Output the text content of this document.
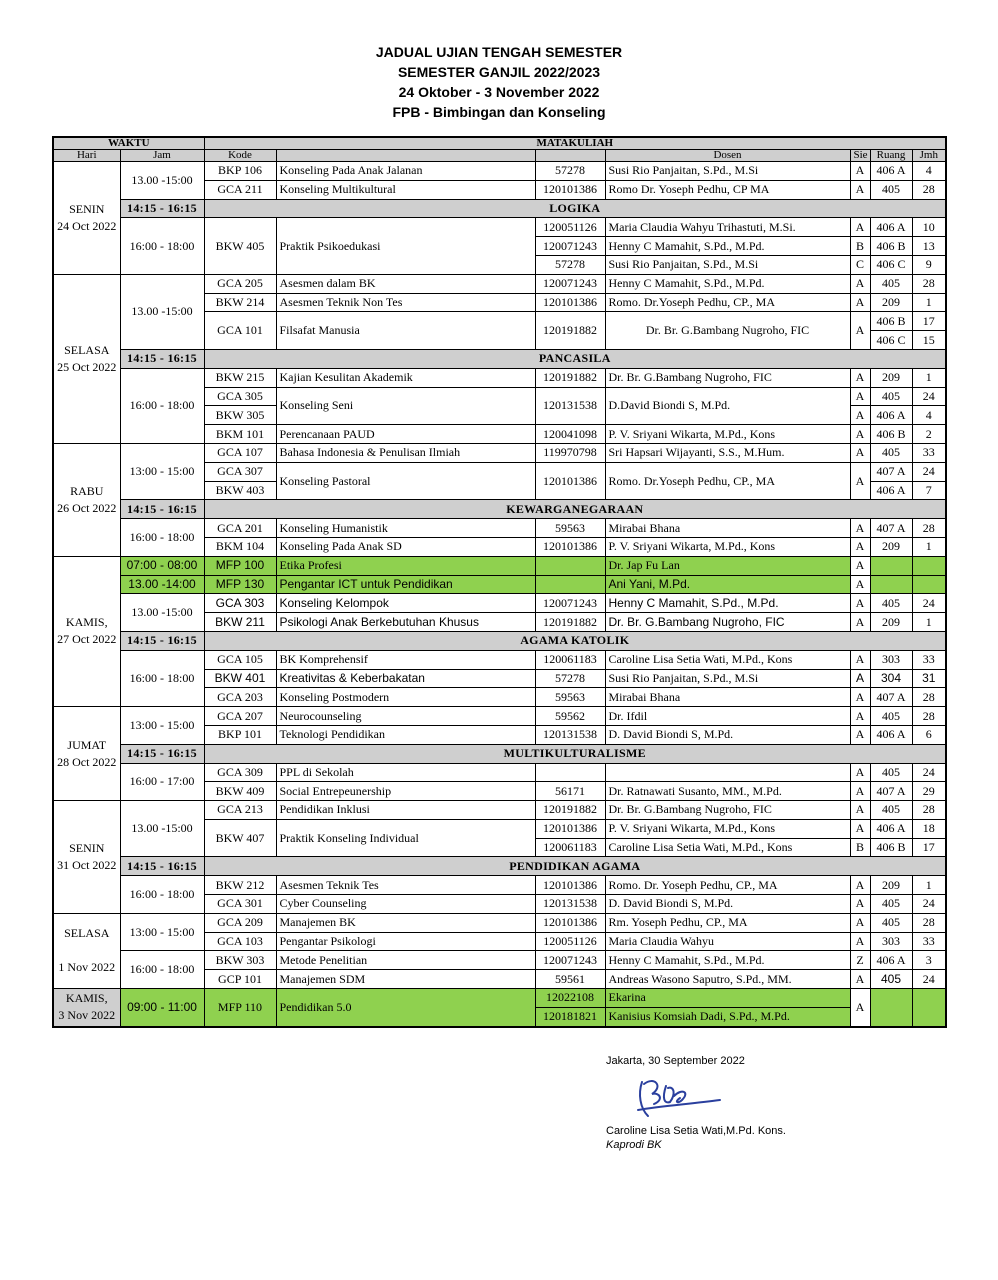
JADUAL UJIAN TENGAH SEMESTER
SEMESTER GANJIL 2022/2023
24 Oktober - 3 November 2022
FPB - Bimbingan dan Konseling
WAKTU		MATAKULIAH						
Hari	Jam	Kode			Dosen	Sie	Ruang	Jmh
SENIN
24 Oct 2022	13.00 -15:00	BKP 106	Konseling Pada Anak Jalanan	57278	Susi Rio Panjaitan, S.Pd., M.Si	A	406 A	4
		GCA 211	Konseling Multikultural	120101386	Romo Dr. Yoseph Pedhu, CP MA	A	405	28
	14:15 - 16:15	LOGIKA						
	16:00 - 18:00	BKW 405	Praktik Psikoedukasi	120051126	Maria Claudia Wahyu Trihastuti, M.Si.	A	406 A	10
				120071243	Henny C Mamahit, S.Pd., M.Pd.	B	406 B	13
				57278	Susi Rio Panjaitan, S.Pd., M.Si	C	406 C	9
SELASA
25 Oct 2022	13.00 -15:00	GCA 205	Asesmen dalam BK	120071243	Henny C Mamahit, S.Pd., M.Pd.	A	405	28
		BKW 214	Asesmen Teknik Non Tes	120101386	Romo. Dr.Yoseph Pedhu, CP., MA	A	209	1
		GCA 101	Filsafat Manusia	120191882	Dr. Br. G.Bambang Nugroho, FIC	A	406 B	17
							406 C	15
	14:15 - 16:15	PANCASILA						
	16:00 - 18:00	BKW 215	Kajian Kesulitan Akademik	120191882	Dr. Br. G.Bambang Nugroho, FIC	A	209	1
		GCA 305	Konseling Seni	120131538	D.David Biondi S, M.Pd.	A	405	24
		BKW 305				A	406 A	4
		BKM 101	Perencanaan PAUD	120041098	P. V. Sriyani Wikarta, M.Pd., Kons	A	406 B	2
RABU
26 Oct 2022	13:00 - 15:00	GCA 107	Bahasa Indonesia & Penulisan Ilmiah	119970798	Sri Hapsari Wijayanti, S.S., M.Hum.	A	405	33
		GCA 307	Konseling Pastoral	120101386	Romo. Dr.Yoseph Pedhu, CP., MA	A	407 A	24
		BKW 403					406 A	7
	14:15 - 16:15	KEWARGANEGARAAN						
	16:00 - 18:00	GCA 201	Konseling Humanistik	59563	Mirabai Bhana	A	407 A	28
		BKM 104	Konseling Pada Anak SD	120101386	P. V. Sriyani Wikarta, M.Pd., Kons	A	209	1
KAMIS,
27 Oct 2022	07:00 - 08:00	MFP 100	Etika Profesi		Dr. Jap Fu Lan	A		
	13.00 -14:00	MFP 130	Pengantar ICT untuk Pendidikan		Ani Yani, M.Pd.	A		
	13.00 -15:00	GCA 303	Konseling Kelompok	120071243	Henny C Mamahit, S.Pd., M.Pd.	A	405	24
		BKW 211	Psikologi Anak Berkebutuhan Khusus	120191882	Dr. Br. G.Bambang Nugroho, FIC	A	209	1
	14:15 - 16:15	AGAMA KATOLIK						
	16:00 - 18:00	GCA 105	BK Komprehensif	120061183	Caroline Lisa Setia Wati, M.Pd., Kons	A	303	33
		BKW 401	Kreativitas & Keberbakatan	57278	Susi Rio Panjaitan, S.Pd., M.Si	A	304	31
		GCA 203	Konseling Postmodern	59563	Mirabai Bhana	A	407 A	28
JUMAT
28 Oct 2022	13:00 - 15:00	GCA 207	Neurocounseling	59562	Dr. Ifdil	A	405	28
		BKP 101	Teknologi Pendidikan	120131538	D. David Biondi S, M.Pd.	A	406 A	6
	14:15 - 16:15	MULTIKULTURALISME						
	16:00 - 17:00	GCA 309	PPL di Sekolah			A	405	24
		BKW 409	Social Entrepeunership	56171	Dr. Ratnawati Susanto, MM., M.Pd.	A	407 A	29
SENIN
31 Oct 2022	13.00 -15:00	GCA 213	Pendidikan Inklusi	120191882	Dr. Br. G.Bambang Nugroho, FIC	A	405	28
		BKW 407	Praktik Konseling Individual	120101386	P. V. Sriyani Wikarta, M.Pd., Kons	A	406 A	18
				120061183	Caroline Lisa Setia Wati, M.Pd., Kons	B	406 B	17
	14:15 - 16:15	PENDIDIKAN AGAMA						
	16:00 - 18:00	BKW 212	Asesmen Teknik Tes	120101386	Romo. Dr. Yoseph Pedhu, CP., MA	A	209	1
		GCA 301	Cyber Counseling	120131538	D. David Biondi S, M.Pd.	A	405	24
SELASA

1 Nov 2022	13:00 - 15:00	GCA 209	Manajemen BK	120101386	Rm. Yoseph Pedhu, CP., MA	A	405	28
		GCA 103	Pengantar Psikologi	120051126	Maria Claudia Wahyu	A	303	33
	16:00 - 18:00	BKW 303	Metode Penelitian	120071243	Henny C Mamahit, S.Pd., M.Pd.	Z	406 A	3
		GCP 101	Manajemen SDM	59561	Andreas Wasono Saputro, S.Pd., MM.	A	405	24
KAMIS,
3 Nov 2022	09:00 - 11:00	MFP 110	Pendidikan 5.0	12022108	Ekarina	A		
				120181821	Kanisius Komsiah Dadi, S.Pd., M.Pd.			
Jakarta, 30 September 2022
Caroline Lisa Setia Wati,M.Pd. Kons.
Kaprodi BK
